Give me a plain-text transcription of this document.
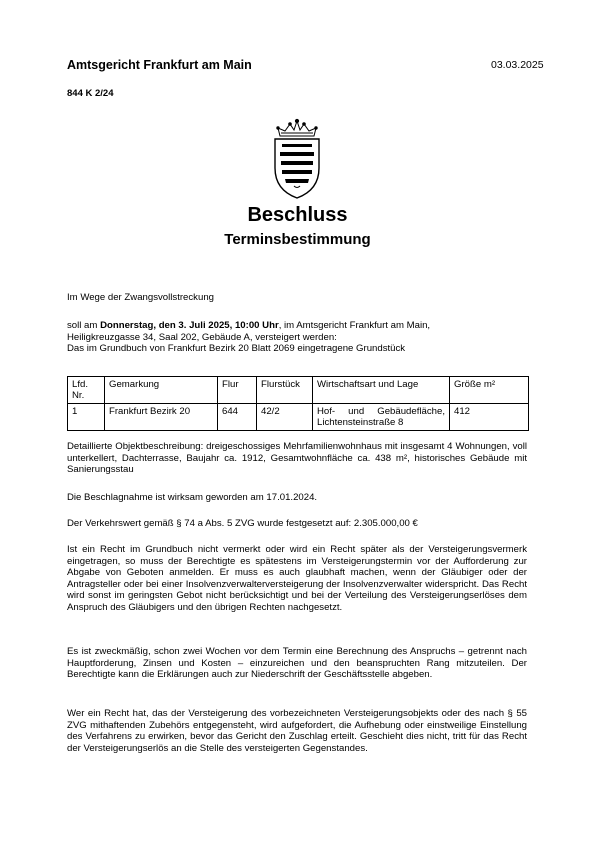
Amtsgericht Frankfurt am Main	03.03.2025
844 K 2/24
Beschluss
Terminsbestimmung
Im Wege der Zwangsvollstreckung
soll am Donnerstag, den 3. Juli 2025, 10:00 Uhr, im Amtsgericht Frankfurt am Main,
Heiligkreuzgasse 34, Saal 202, Gebäude A, versteigert werden:
Das im Grundbuch von Frankfurt Bezirk 20 Blatt 2069 eingetragene Grundstück
Lfd. Nr.	Gemarkung	Flur	Flurstück	Wirtschaftsart und Lage	Größe m²
1	Frankfurt Bezirk 20	644	42/2	Hof- und Gebäudefläche, Lichtensteinstraße 8	412
Detaillierte Objektbeschreibung: dreigeschossiges Mehrfamilienwohnhaus mit insgesamt 4 Wohnungen, voll unterkellert, Dachterrasse, Baujahr ca. 1912, Gesamtwohnfläche ca. 438 m², historisches Gebäude mit Sanierungsstau
Die Beschlagnahme ist wirksam geworden am 17.01.2024.
Der Verkehrswert gemäß § 74 a Abs. 5 ZVG wurde festgesetzt auf: 2.305.000,00 €
Ist ein Recht im Grundbuch nicht vermerkt oder wird ein Recht später als der Versteigerungsvermerk eingetragen, so muss der Berechtigte es spätestens im Versteigerungstermin vor der Aufforderung zur Abgabe von Geboten anmelden. Er muss es auch glaubhaft machen, wenn der Gläubiger oder der Antragsteller oder bei einer Insolvenzverwalterversteigerung der Insolvenzverwalter widerspricht. Das Recht wird sonst im geringsten Gebot nicht berücksichtigt und bei der Verteilung des Versteigerungserlöses dem Anspruch des Gläubigers und den übrigen Rechten nachgesetzt.
Es ist zweckmäßig, schon zwei Wochen vor dem Termin eine Berechnung des Anspruchs – getrennt nach Hauptforderung, Zinsen und Kosten – einzureichen und den beanspruchten Rang mitzuteilen. Der Berechtigte kann die Erklärungen auch zur Niederschrift der Geschäftsstelle abgeben.
Wer ein Recht hat, das der Versteigerung des vorbezeichneten Versteigerungsobjekts oder des nach § 55 ZVG mithaftenden Zubehörs entgegensteht, wird aufgefordert, die Aufhebung oder einstweilige Einstellung des Verfahrens zu erwirken, bevor das Gericht den Zuschlag erteilt. Geschieht dies nicht, tritt für das Recht der Versteigerungserlös an die Stelle des versteigerten Gegenstandes.
